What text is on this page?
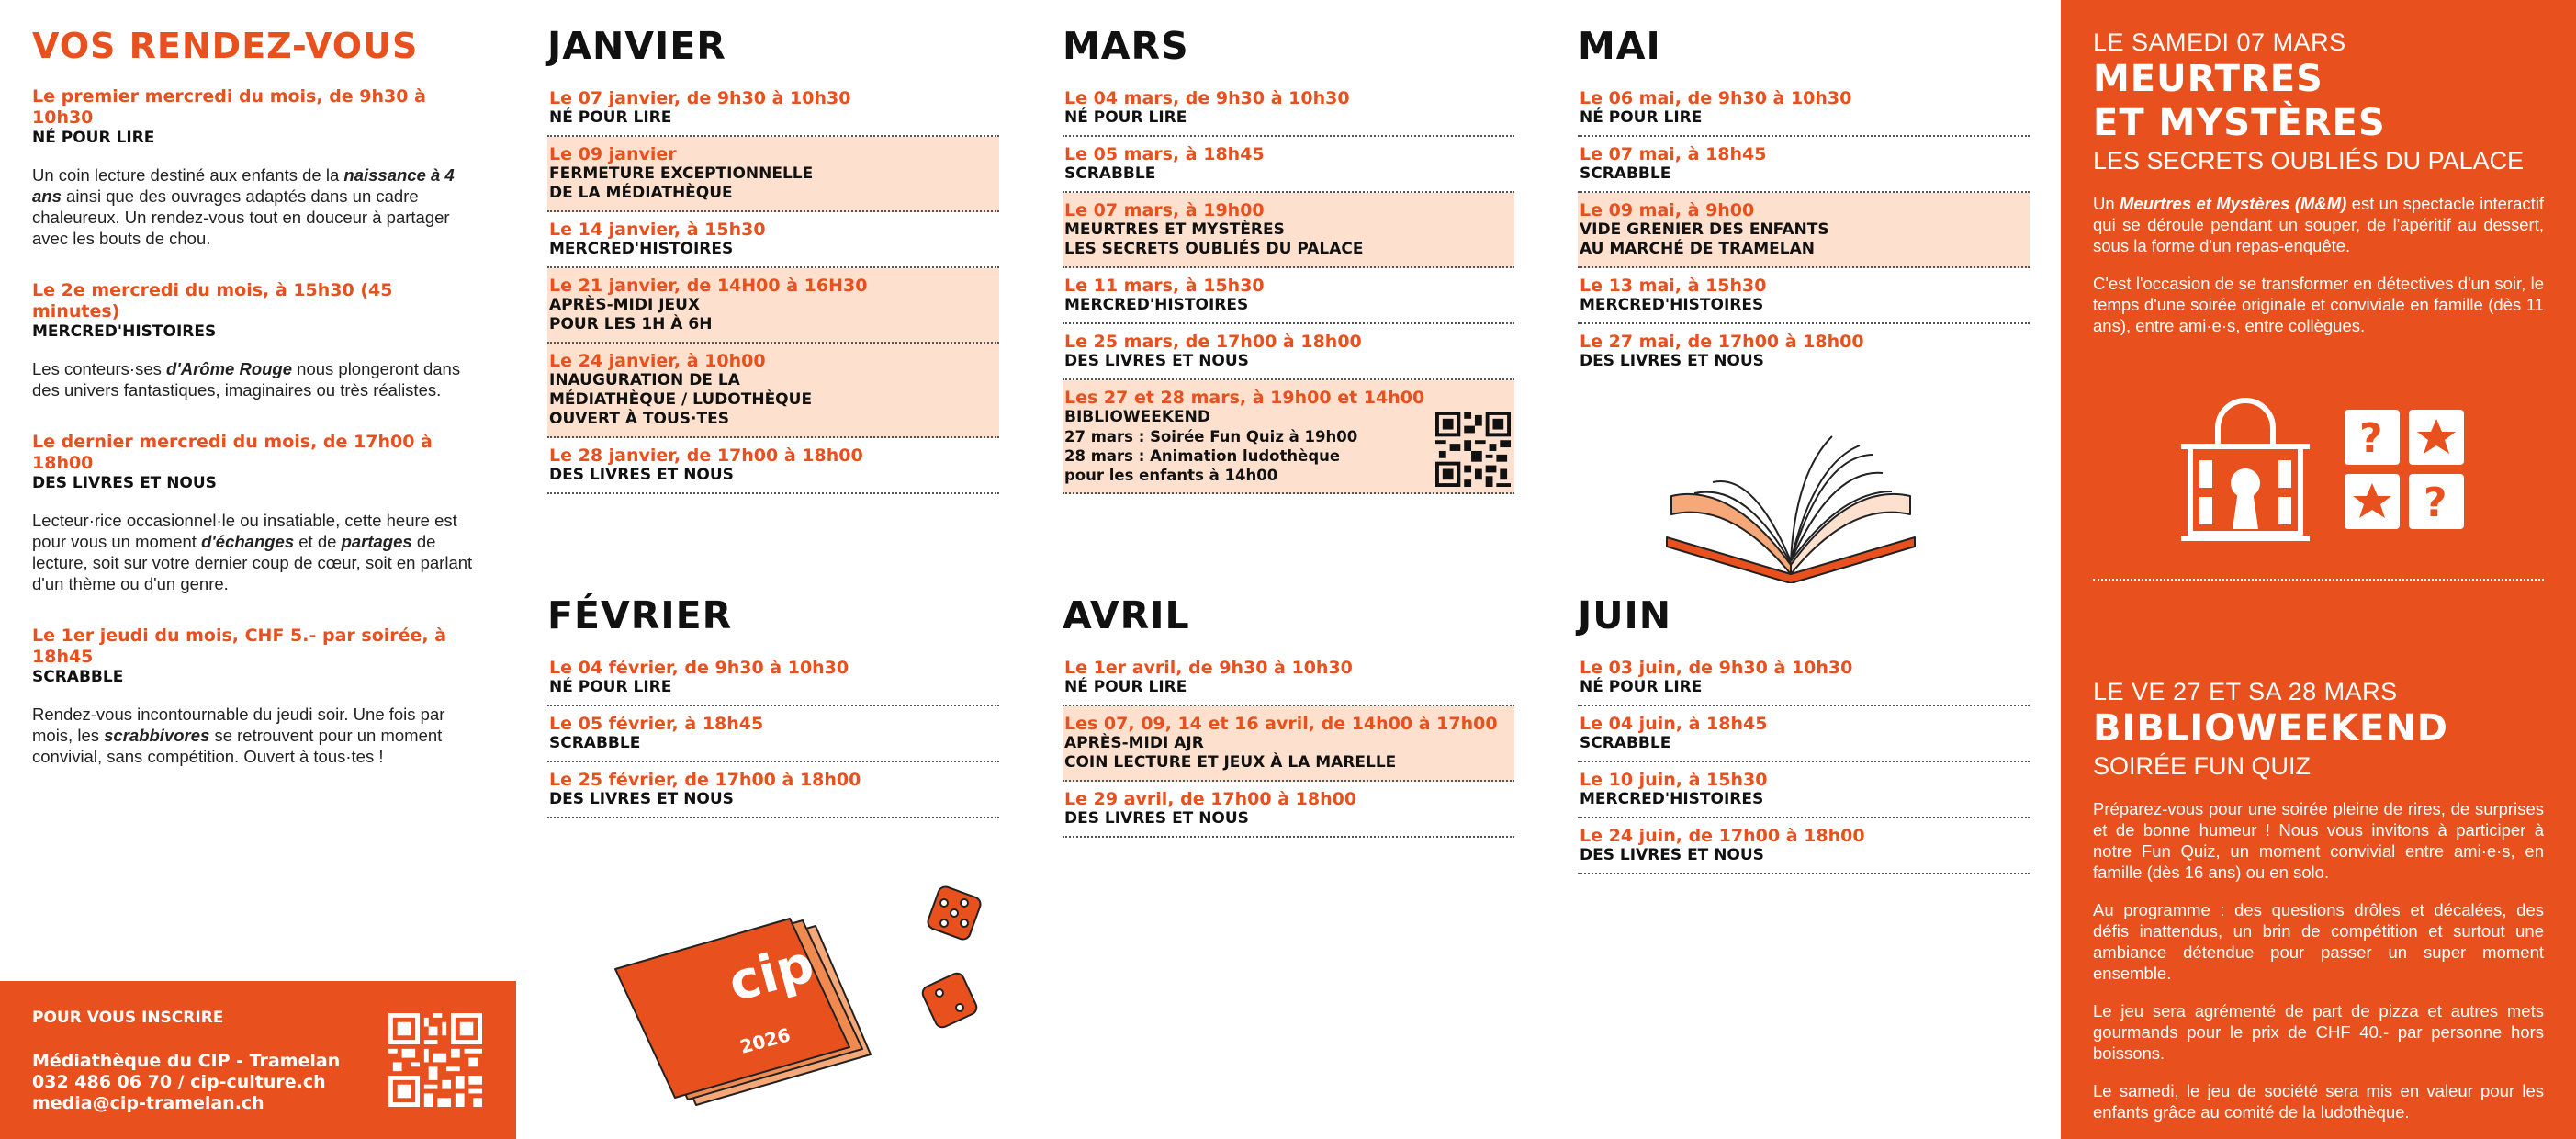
VOS RENDEZ-VOUS
Le premier mercredi du mois, de 9h30 à 10h30
NÉ POUR LIRE
Un coin lecture destiné aux enfants de la naissance à 4 ans ainsi que des ouvrages adaptés dans un cadre chaleureux. Un rendez-vous tout en douceur à partager avec les bouts de chou.
Le 2e mercredi du mois, à 15h30 (45 minutes)
MERCRED'HISTOIRES
Les conteurs·ses d'Arôme Rouge nous plongeront dans des univers fantastiques, imaginaires ou très réalistes.
Le dernier mercredi du mois, de 17h00 à 18h00
DES LIVRES ET NOUS
Lecteur·rice occasionnel·le ou insatiable, cette heure est pour vous un moment d'échanges et de partages de lecture, soit sur votre dernier coup de cœur, soit en parlant d'un thème ou d'un genre.
Le 1er jeudi du mois, CHF 5.- par soirée, à 18h45
SCRABBLE
Rendez-vous incontournable du jeudi soir. Une fois par mois, les scrabbivores se retrouvent pour un moment convivial, sans compétition. Ouvert à tous·tes !
POUR VOUS INSCRIRE
Médiathèque du CIP - Tramelan
032 486 06 70 / cip-culture.ch
media@cip-tramelan.ch
JANVIER
Le 07 janvier, de 9h30 à 10h30
NÉ POUR LIRE
Le 09 janvier
FERMETURE EXCEPTIONNELLE
DE LA MÉDIATHÈQUE
Le 14 janvier, à 15h30
MERCRED'HISTOIRES
Le 21 janvier, de 14H00 à 16H30
APRÈS-MIDI JEUX
POUR LES 1H À 6H
Le 24 janvier, à 10h00
INAUGURATION DE LA
MÉDIATHÈQUE / LUDOTHÈQUE
OUVERT À TOUS·TES
Le 28 janvier, de 17h00 à 18h00
DES LIVRES ET NOUS
FÉVRIER
Le 04 février, de 9h30 à 10h30
NÉ POUR LIRE
Le 05 février, à 18h45
SCRABBLE
Le 25 février, de 17h00 à 18h00
DES LIVRES ET NOUS
cip
2026
MARS
Le 04 mars, de 9h30 à 10h30
NÉ POUR LIRE
Le 05 mars, à 18h45
SCRABBLE
Le 07 mars, à 19h00
MEURTRES ET MYSTÈRES
LES SECRETS OUBLIÉS DU PALACE
Le 11 mars, à 15h30
MERCRED'HISTOIRES
Le 25 mars, de 17h00 à 18h00
DES LIVRES ET NOUS
Les 27 et 28 mars, à 19h00 et 14h00
BIBLIOWEEKEND
27 mars : Soirée Fun Quiz à 19h00
28 mars : Animation ludothèque
pour les enfants à 14h00
AVRIL
Le 1er avril, de 9h30 à 10h30
NÉ POUR LIRE
Les 07, 09, 14 et 16 avril, de 14h00 à 17h00
APRÈS-MIDI AJR
COIN LECTURE ET JEUX À LA MARELLE
Le 29 avril, de 17h00 à 18h00
DES LIVRES ET NOUS
MAI
Le 06 mai, de 9h30 à 10h30
NÉ POUR LIRE
Le 07 mai, à 18h45
SCRABBLE
Le 09 mai, à 9h00
VIDE GRENIER DES ENFANTS
AU MARCHÉ DE TRAMELAN
Le 13 mai, à 15h30
MERCRED'HISTOIRES
Le 27 mai, de 17h00 à 18h00
DES LIVRES ET NOUS
JUIN
Le 03 juin, de 9h30 à 10h30
NÉ POUR LIRE
Le 04 juin, à 18h45
SCRABBLE
Le 10 juin, à 15h30
MERCRED'HISTOIRES
Le 24 juin, de 17h00 à 18h00
DES LIVRES ET NOUS
LE SAMEDI 07 MARS
MEURTRES
ET MYSTÈRES
LES SECRETS OUBLIÉS DU PALACE
Un Meurtres et Mystères (M&M) est un spectacle interactif qui se déroule pendant un souper, de l'apéritif au dessert, sous la forme d'un repas-enquête.
C'est l'occasion de se transformer en détectives d'un soir, le temps d'une soirée originale et conviviale en famille (dès 11 ans), entre ami·e·s, entre collègues.
?
?
LE VE 27 ET SA 28 MARS
BIBLIOWEEKEND
SOIRÉE FUN QUIZ
Préparez-vous pour une soirée pleine de rires, de surprises et de bonne humeur ! Nous vous invitons à participer à notre Fun Quiz, un moment convivial entre ami·e·s, en famille (dès 16 ans) ou en solo.
Au programme : des questions drôles et décalées, des défis inattendus, un brin de compétition et surtout une ambiance détendue pour passer un super moment ensemble.
Le jeu sera agrémenté de part de pizza et autres mets gourmands pour le prix de CHF 40.- par personne hors boissons.
Le samedi, le jeu de société sera mis en valeur pour les enfants grâce au comité de la ludothèque.
